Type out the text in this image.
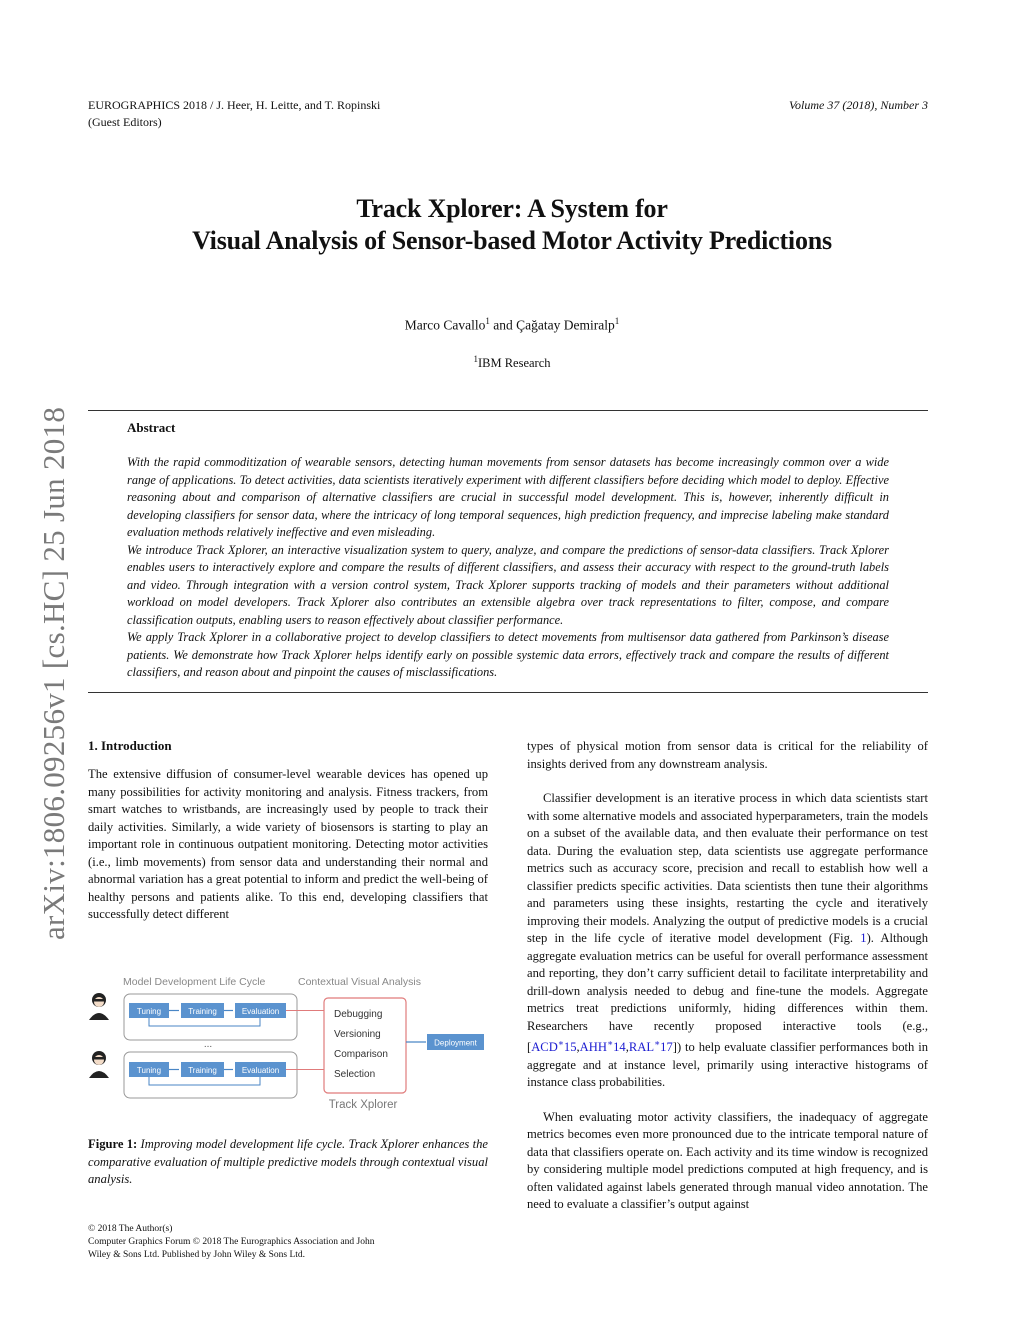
EUROGRAPHICS 2018 / J. Heer, H. Leitte, and T. Ropinski
(Guest Editors)
Volume 37 (2018), Number 3
Track Xplorer: A System for
Visual Analysis of Sensor-based Motor Activity Predictions
Marco Cavallo$^1$ and Çağatay Demiralp$^1$
$^1$IBM Research
Abstract

With the rapid commoditization of wearable sensors, detecting human movements from sensor datasets has become increasingly common over a wide range of applications. To detect activities, data scientists iteratively experiment with different classifiers before deciding which model to deploy. Effective reasoning about and comparison of alternative classifiers are crucial in successful model development. This is, however, inherently difficult in developing classifiers for sensor data, where the intricacy of long temporal sequences, high prediction frequency, and imprecise labeling make standard evaluation methods relatively ineffective and even misleading.

We introduce Track Xplorer, an interactive visualization system to query, analyze, and compare the predictions of sensor-data classifiers. Track Xplorer enables users to interactively explore and compare the results of different classifiers, and assess their accuracy with respect to the ground-truth labels and video. Through integration with a version control system, Track Xplorer supports tracking of models and their parameters without additional workload on model developers. Track Xplorer also contributes an extensible algebra over track representations to filter, compose, and compare classification outputs, enabling users to reason effectively about classifier performance.

We apply Track Xplorer in a collaborative project to develop classifiers to detect movements from multisensor data gathered from Parkinson’s disease patients. We demonstrate how Track Xplorer helps identify early on possible systemic data errors, effectively track and compare the results of different classifiers, and reason about and pinpoint the causes of misclassifications.

arXiv:1806.09256v1 [cs.HC] 25 Jun 2018 1. Introduction

The extensive diffusion of consumer-level wearable devices has opened up many possibilities for activity monitoring and analysis. Fitness trackers, from smart watches to wristbands, are increasingly used by people to track their daily activities. Similarly, a wide variety of biosensors is starting to play an important role in continuous outpatient monitoring. Detecting motor activities (i.e., limb movements) from sensor data and understanding their normal and abnormal variation has a great potential to inform and predict the well-being of healthy persons and patients alike. To this end, developing classifiers that successfully detect different

Model Development Life Cycle	Contextual Visual Analysis
Tuning	Training	Evaluation
...
Tuning	Training	Evaluation
Debugging
Versioning
Comparison
Selection
Track Xplorer
Deployment
Figure 1: Improving model development life cycle. Track Xplorer enhances the comparative evaluation of multiple predictive models through contextual visual analysis.

types of physical motion from sensor data is critical for the reliability of insights derived from any downstream analysis.

Classifier development is an iterative process in which data scientists start with some alternative models and associated hyperparameters, train the models on a subset of the available data, and then evaluate their performance on test data. During the evaluation step, data scientists use aggregate performance metrics such as accuracy score, precision and recall to establish how well a classifier predicts specific activities. Data scientists then tune their algorithms and parameters using these insights, restarting the cycle and iteratively improving their models. Analyzing the output of predictive models is a crucial step in the life cycle of iterative model development (Fig. 1). Although aggregate evaluation metrics can be useful for overall performance assessment and reporting, they don’t carry sufficient detail to facilitate interpretability and drill-down analysis needed to debug and fine-tune the models. Aggregate metrics treat predictions uniformly, hiding differences within them. Researchers have recently proposed interactive tools (e.g., [ACD∗15,AHH∗14,RAL∗17]) to help evaluate classifier performances both in aggregate and at instance level, primarily using interactive histograms of instance class probabilities.

When evaluating motor activity classifiers, the inadequacy of aggregate metrics becomes even more pronounced due to the intricate temporal nature of data that classifiers operate on. Each activity and its time window is recognized by considering multiple model predictions computed at high frequency, and is often validated against labels generated through manual video annotation. The need to evaluate a classifier’s output against

© 2018 The Author(s)
Computer Graphics Forum © 2018 The Eurographics Association and John
Wiley & Sons Ltd. Published by John Wiley & Sons Ltd.
